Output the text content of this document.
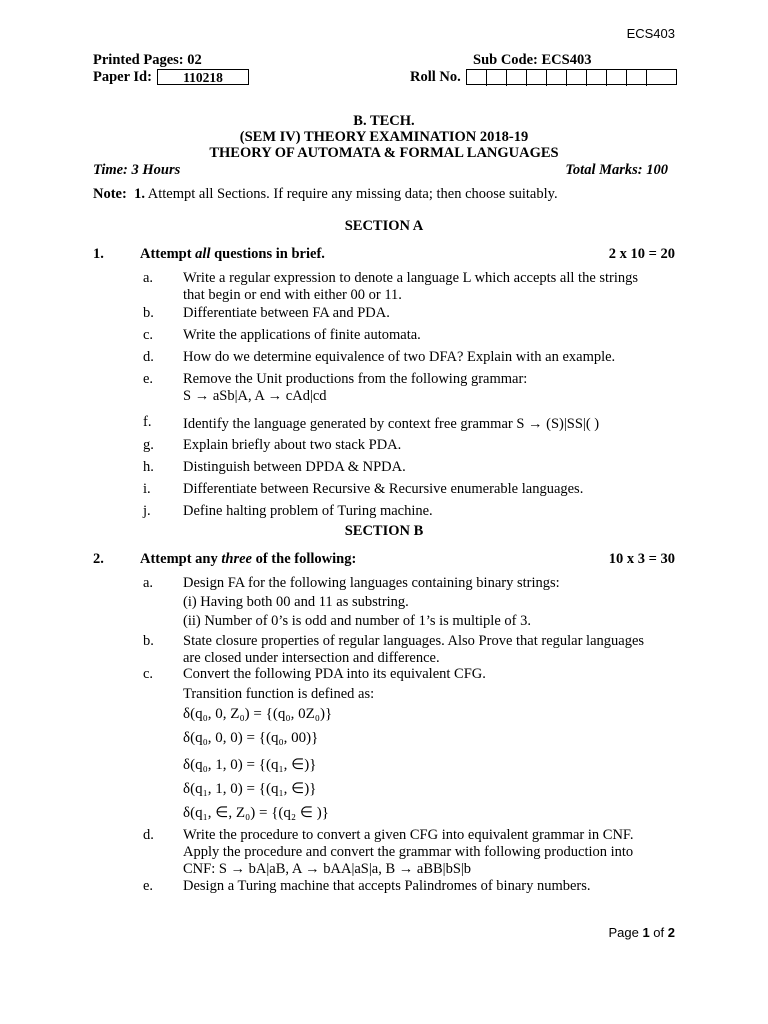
ECS403
Printed Pages: 02	Sub Code: ECS403
Paper Id:	110218	Roll No.
B. TECH.
(SEM IV) THEORY EXAMINATION 2018-19
THEORY OF AUTOMATA & FORMAL LANGUAGES
Time: 3 Hours	Total Marks: 100
Note: 1. Attempt all Sections. If require any missing data; then choose suitably.
SECTION A
1. Attempt all questions in brief.	2 x 10 = 20
a. Write a regular expression to denote a language L which accepts all the strings
that begin or end with either 00 or 11.
b. Differentiate between FA and PDA.
c. Write the applications of finite automata.
d. How do we determine equivalence of two DFA? Explain with an example.
e. Remove the Unit productions from the following grammar:
S → aSb|A, A → cAd|cd
f. Identify the language generated by context free grammar S → (S)|SS|( )
g. Explain briefly about two stack PDA.
h. Distinguish between DPDA & NPDA.
i. Differentiate between Recursive & Recursive enumerable languages.
j. Define halting problem of Turing machine.
SECTION B
2. Attempt any three of the following:	10 x 3 = 30
a. Design FA for the following languages containing binary strings:
(i) Having both 00 and 11 as substring.
(ii) Number of 0’s is odd and number of 1’s is multiple of 3.
b. State closure properties of regular languages. Also Prove that regular languages
are closed under intersection and difference.
c. Convert the following PDA into its equivalent CFG.
Transition function is defined as:
δ(q₀, 0, Z₀) = {(q₀, 0Z₀)}
δ(q₀, 0, 0) = {(q₀, 00)}
δ(q₀, 1, 0) = {(q₁, ∈)}
δ(q₁, 1, 0) = {(q₁, ∈)}
δ(q₁, ∈, Z₀) = {(q₂ ∈ )}
d. Write the procedure to convert a given CFG into equivalent grammar in CNF.
Apply the procedure and convert the grammar with following production into
CNF: S → bA|aB, A → bAA|aS|a, B → aBB|bS|b
e. Design a Turing machine that accepts Palindromes of binary numbers.
Page 1 of 2
